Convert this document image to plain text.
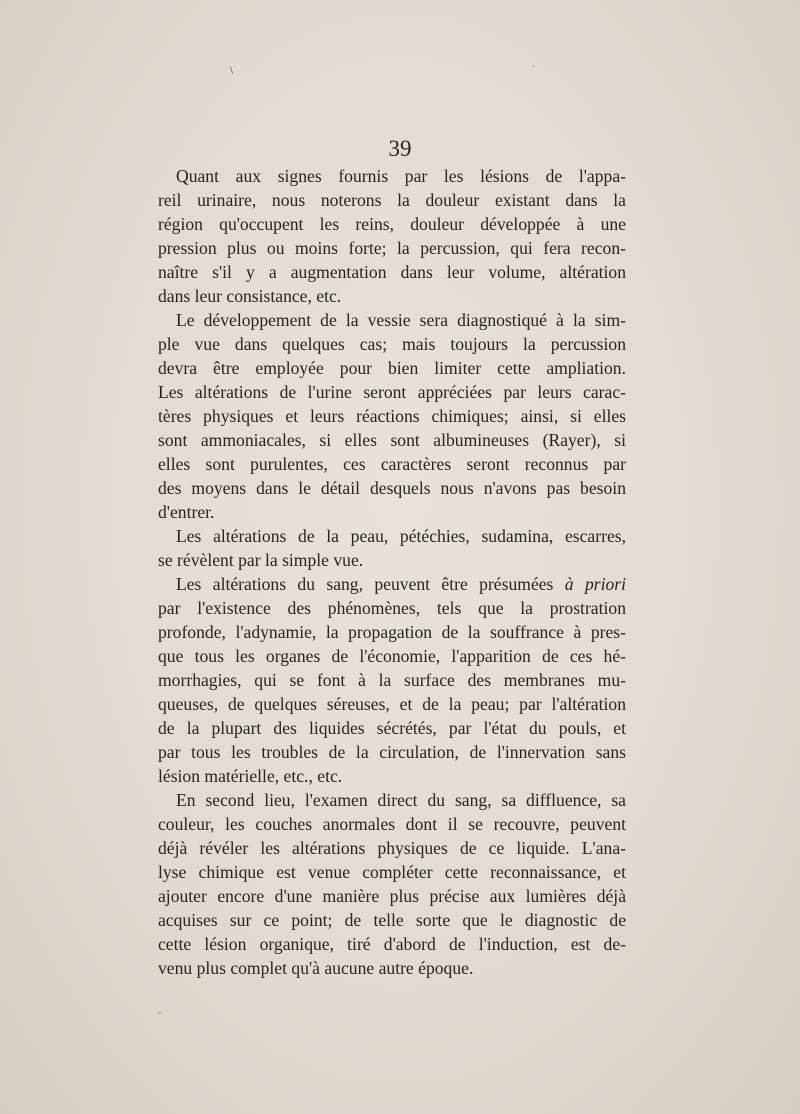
39
Quant aux signes fournis par les lésions de l'appa-
reil urinaire, nous noterons la douleur existant dans la
région qu'occupent les reins, douleur développée à une
pression plus ou moins forte; la percussion, qui fera recon-
naître s'il y a augmentation dans leur volume, altération
dans leur consistance, etc.
Le développement de la vessie sera diagnostiqué à la sim-
ple vue dans quelques cas; mais toujours la percussion
devra être employée pour bien limiter cette ampliation.
Les altérations de l'urine seront appréciées par leurs carac-
tères physiques et leurs réactions chimiques; ainsi, si elles
sont ammoniacales, si elles sont albumineuses (Rayer), si
elles sont purulentes, ces caractères seront reconnus par
des moyens dans le détail desquels nous n'avons pas besoin
d'entrer.
Les altérations de la peau, pétéchies, sudamina, escarres,
se révèlent par la simple vue.
Les altérations du sang, peuvent être présumées à priori
par l'existence des phénomènes, tels que la prostration
profonde, l'adynamie, la propagation de la souffrance à pres-
que tous les organes de l'économie, l'apparition de ces hé-
morrhagies, qui se font à la surface des membranes mu-
queuses, de quelques séreuses, et de la peau; par l'altération
de la plupart des liquides sécrétés, par l'état du pouls, et
par tous les troubles de la circulation, de l'innervation sans
lésion matérielle, etc., etc.
En second lieu, l'examen direct du sang, sa diffluence, sa
couleur, les couches anormales dont il se recouvre, peuvent
déjà révéler les altérations physiques de ce liquide. L'ana-
lyse chimique est venue compléter cette reconnaissance, et
ajouter encore d'une manière plus précise aux lumières déjà
acquises sur ce point; de telle sorte que le diagnostic de
cette lésion organique, tiré d'abord de l'induction, est de-
venu plus complet qu'à aucune autre époque.
\	·
-
